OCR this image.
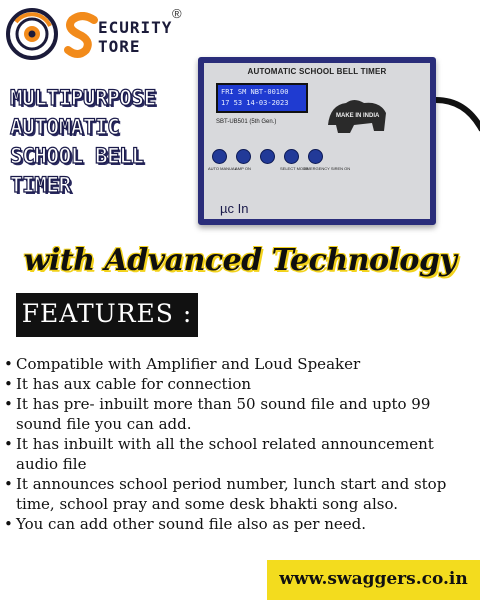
ECURITY
TORE
®
MULTIPURPOSE
AUTOMATIC
SCHOOL BELL
TIMER
AUTOMATIC SCHOOL BELL TIMER
FRI SM NBT-00100
17 53 14-03-2023
SBT-UB501 (5th Gen.)
MAKE IN INDIA
AUTO MANUAL
AMP ON	SELECT MODE
EMERGENCY SIREN ON
µc In
with Advanced Technology
FEATURES :
• Compatible with Amplifier and Loud Speaker
• It has aux cable for connection
• It has pre- inbuilt more than 50 sound file and upto 99 sound file you can add.
• It has inbuilt with all the school related announcement audio file
• It announces school period number, lunch start and stop time, school pray and some desk bhakti song also.
• You can add other sound file also as per need.
www.swaggers.co.in
